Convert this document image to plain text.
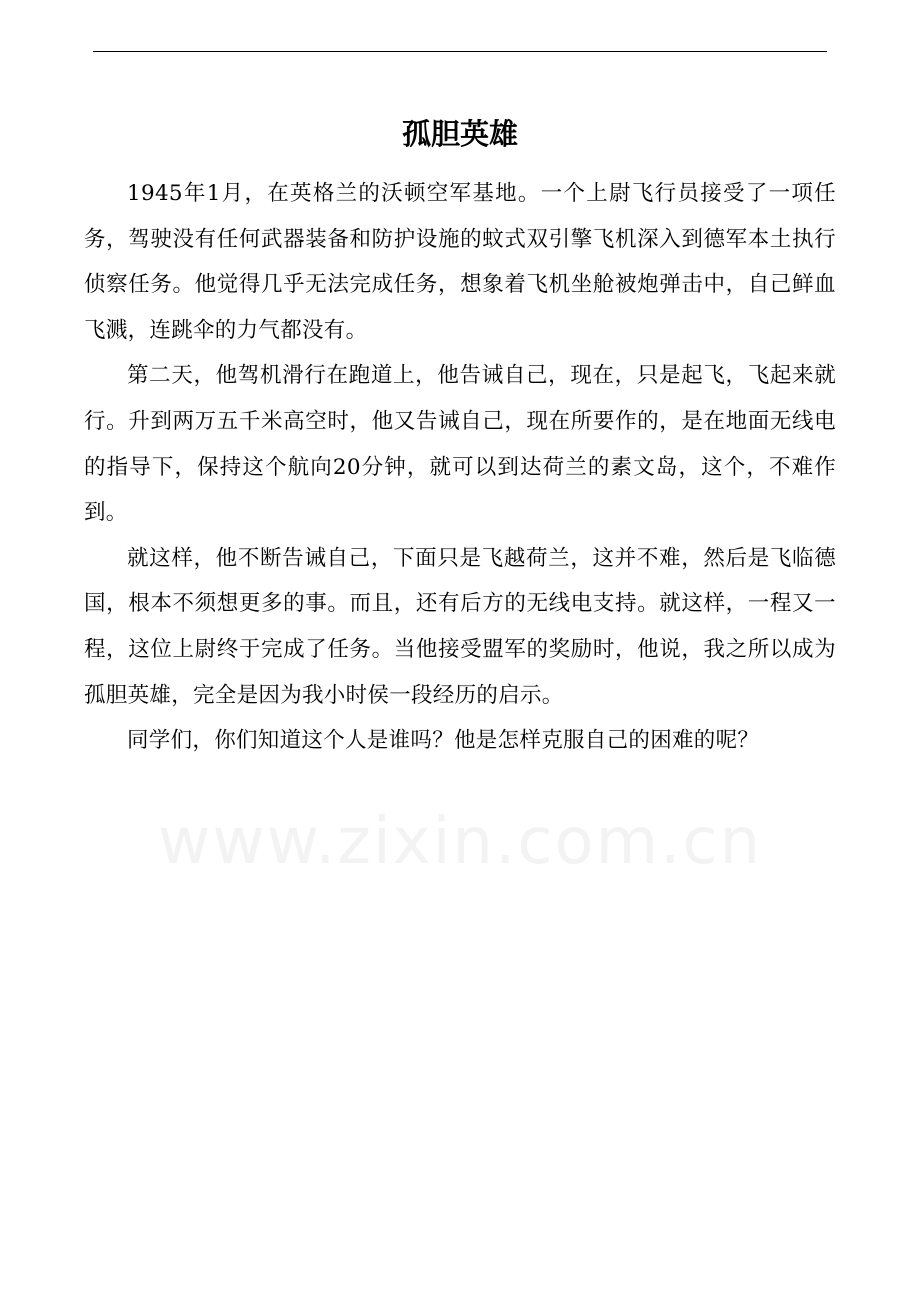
孤胆英雄

1945年1月，在英格兰的沃顿空军基地。一个上尉飞行员接受了一项任务，驾驶没有任何武器装备和防护设施的蚊式双引擎飞机深入到德军本土执行侦察任务。他觉得几乎无法完成任务，想象着飞机坐舱被炮弹击中，自己鲜血飞溅，连跳伞的力气都没有。

第二天，他驾机滑行在跑道上，他告诫自己，现在，只是起飞，飞起来就行。升到两万五千米高空时，他又告诫自己，现在所要作的，是在地面无线电的指导下，保持这个航向20分钟，就可以到达荷兰的素文岛，这个，不难作到。

就这样，他不断告诫自己，下面只是飞越荷兰，这并不难，然后是飞临德国，根本不须想更多的事。而且，还有后方的无线电支持。就这样，一程又一程，这位上尉终于完成了任务。当他接受盟军的奖励时，他说，我之所以成为孤胆英雄，完全是因为我小时侯一段经历的启示。

同学们，你们知道这个人是谁吗？他是怎样克服自己的困难的呢？

www.zixin.com.cn
